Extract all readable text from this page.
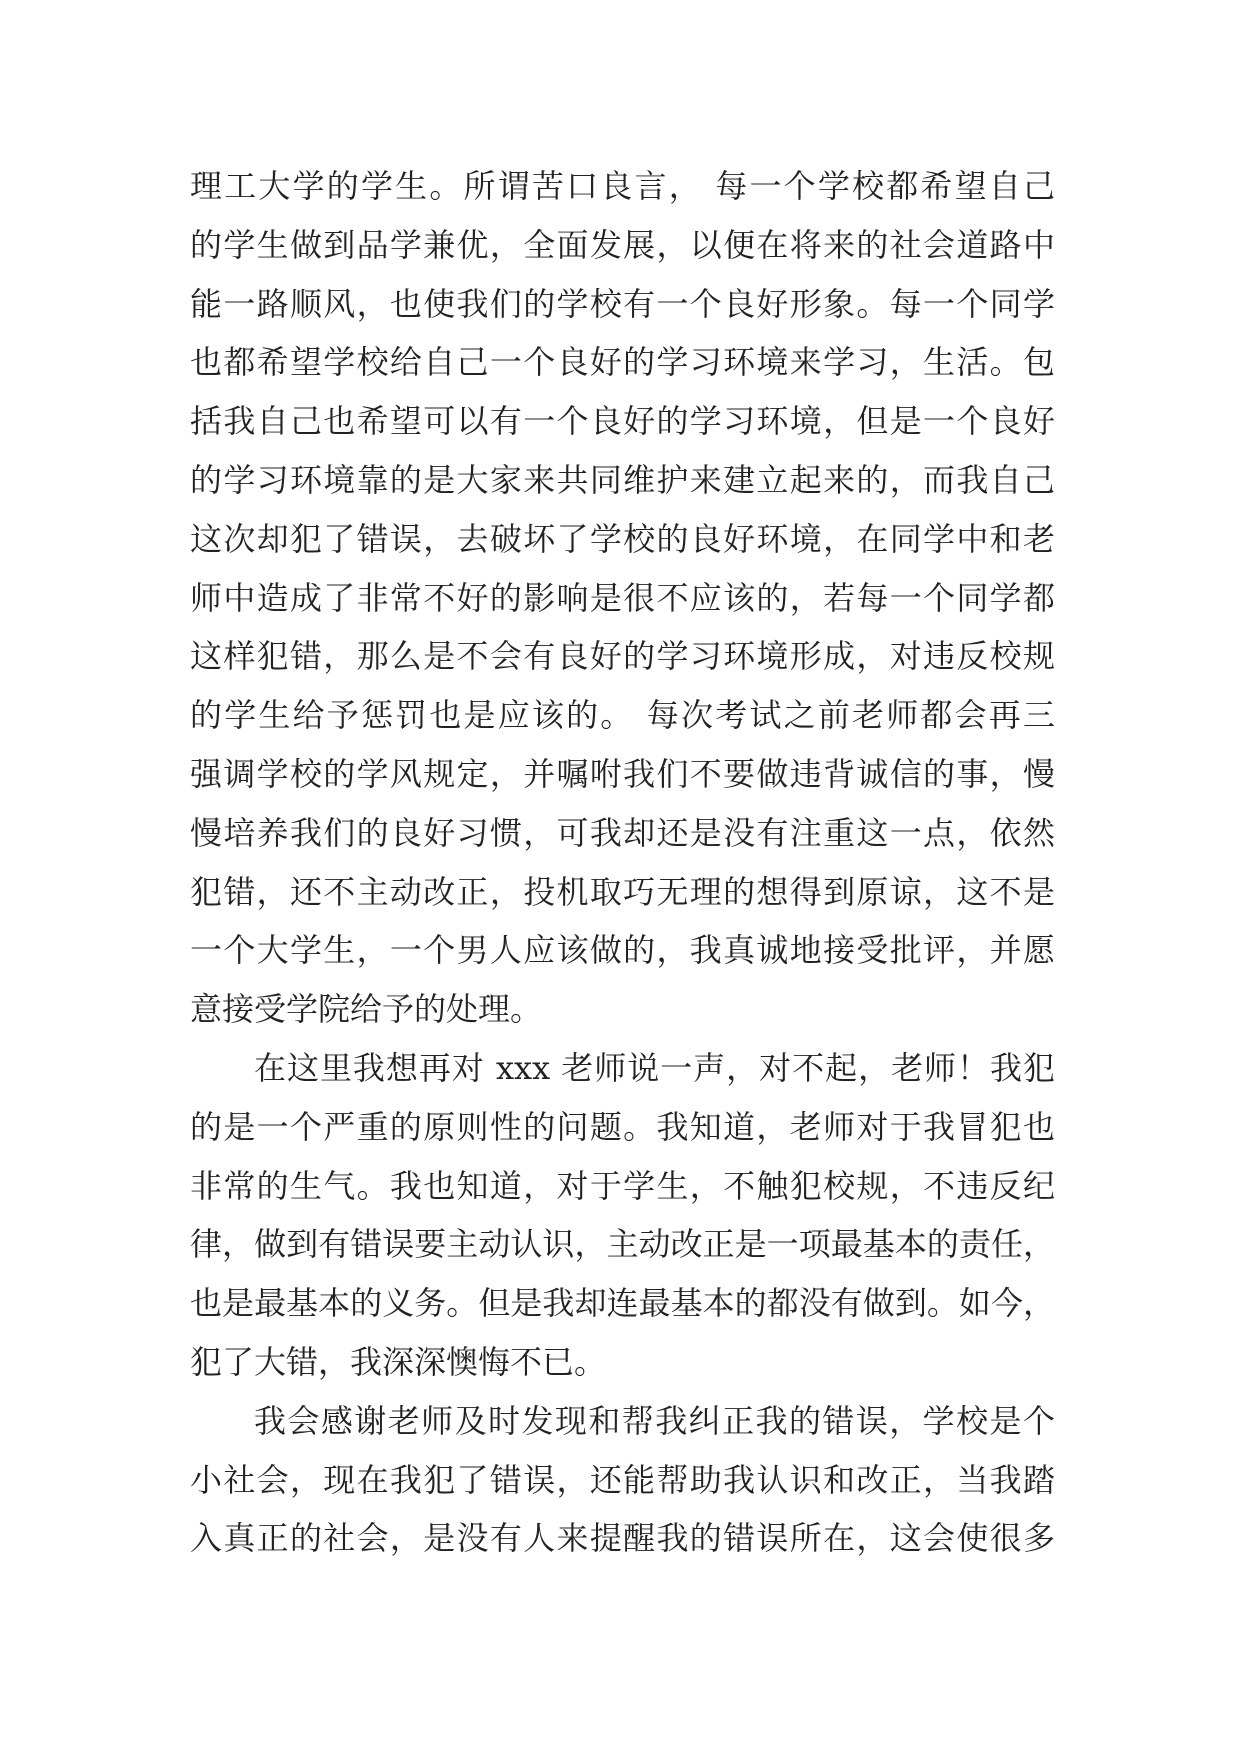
理工大学的学生。所谓苦口良言， 每一个学校都希望自己
的学生做到品学兼优，全面发展，以便在将来的社会道路中
能一路顺风，也使我们的学校有一个良好形象。每一个同学
也都希望学校给自己一个良好的学习环境来学习，生活。包
括我自己也希望可以有一个良好的学习环境，但是一个良好
的学习环境靠的是大家来共同维护来建立起来的，而我自己
这次却犯了错误，去破坏了学校的良好环境，在同学中和老
师中造成了非常不好的影响是很不应该的，若每一个同学都
这样犯错，那么是不会有良好的学习环境形成，对违反校规
的学生给予惩罚也是应该的。 每次考试之前老师都会再三
强调学校的学风规定，并嘱咐我们不要做违背诚信的事，慢
慢培养我们的良好习惯，可我却还是没有注重这一点，依然
犯错，还不主动改正，投机取巧无理的想得到原谅，这不是
一个大学生，一个男人应该做的，我真诚地接受批评，并愿
意接受学院给予的处理。
在这里我想再对 xxx 老师说一声，对不起，老师！我犯
的是一个严重的原则性的问题。我知道，老师对于我冒犯也
非常的生气。我也知道，对于学生，不触犯校规，不违反纪
律，做到有错误要主动认识，主动改正是一项最基本的责任，
也是最基本的义务。但是我却连最基本的都没有做到。如今，
犯了大错，我深深懊悔不已。
我会感谢老师及时发现和帮我纠正我的错误，学校是个
小社会，现在我犯了错误，还能帮助我认识和改正，当我踏
入真正的社会，是没有人来提醒我的错误所在，这会使很多
